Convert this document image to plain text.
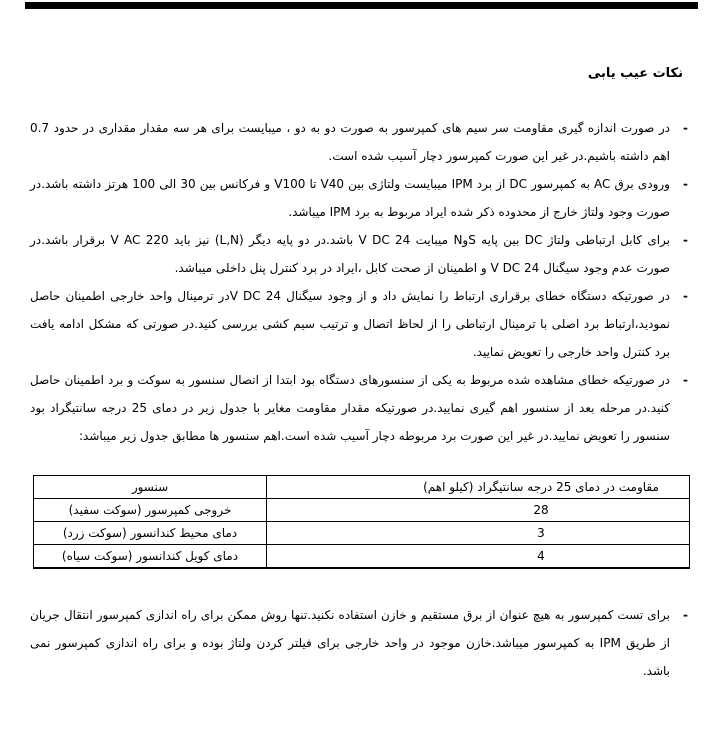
نکات عیب یابی
- در صورت اندازه گیری مقاومت سر سیم های کمپرسور به صورت دو به دو ، میبایست برای هر سه مقدار مقداری در حدود 0.7 اهم داشته باشیم.در غیر این صورت کمپرسور دچار آسیب شده است.
- ورودی برق AC به کمپرسور DC از برد IPM میبایست ولتاژی بین V40 تا V100 و فرکانس بین 30 الی 100 هرتز داشته باشد.در صورت وجود ولتاژ خارج از محدوده ذکر شده ایراد مربوط به برد IPM میباشد.
- برای کابل ارتباطی ولتاژ DC بین پایه SوN میبایت V DC 24 باشد.در دو پایه دیگر (L,N) نیز باید V AC 220 برقرار باشد.در صورت عدم وجود سیگنال 24 V DC و اطمینان از صحت کابل ،ایراد در برد کنترل پنل داخلی میباشد.
- در صورتیکه دستگاه خطای برقراری ارتباط را نمایش داد و از وجود سیگنال 24 V DCدر ترمینال واحد خارجی اطمینان حاصل نمودید،ارتباط برد اصلی با ترمینال ارتباطی را از لحاظ اتصال و ترتیب سیم کشی بررسی کنید.در صورتی که مشکل ادامه یافت برد کنترل واحد خارجی را تعویض نمایید.
- در صورتیکه خطای مشاهده شده مربوط به یکی از سنسورهای دستگاه بود ابتدا از اتصال سنسور به سوکت و برد اطمینان حاصل کنید.در مرحله بعد از سنسور اهم گیری نمایید.در صورتیکه مقدار مقاومت مغایر با جدول زیر در دمای 25 درجه سانتیگراد بود سنسور را تعویض نمایید.در غیر این صورت برد مربوطه دچار آسیب شده است.اهم سنسور ها مطابق جدول زیر میباشد:
سنسور	مقاومت در دمای 25 درجه سانتیگراد (کیلو اهم)
خروجی کمپرسور (سوکت سفید)	28
دمای محیط کندانسور (سوکت زرد)	3
دمای کویل کندانسور (سوکت سیاه)	4
- برای تست کمپرسور به هیچ عنوان از برق مستقیم و خازن استفاده نکنید.تنها روش ممکن برای راه اندازی کمپرسور انتقال جریان از طریق IPM به کمپرسور میباشد.خازن موجود در واحد خارجی برای فیلتر کردن ولتاژ بوده و برای راه اندازی کمپرسور نمی باشد.
